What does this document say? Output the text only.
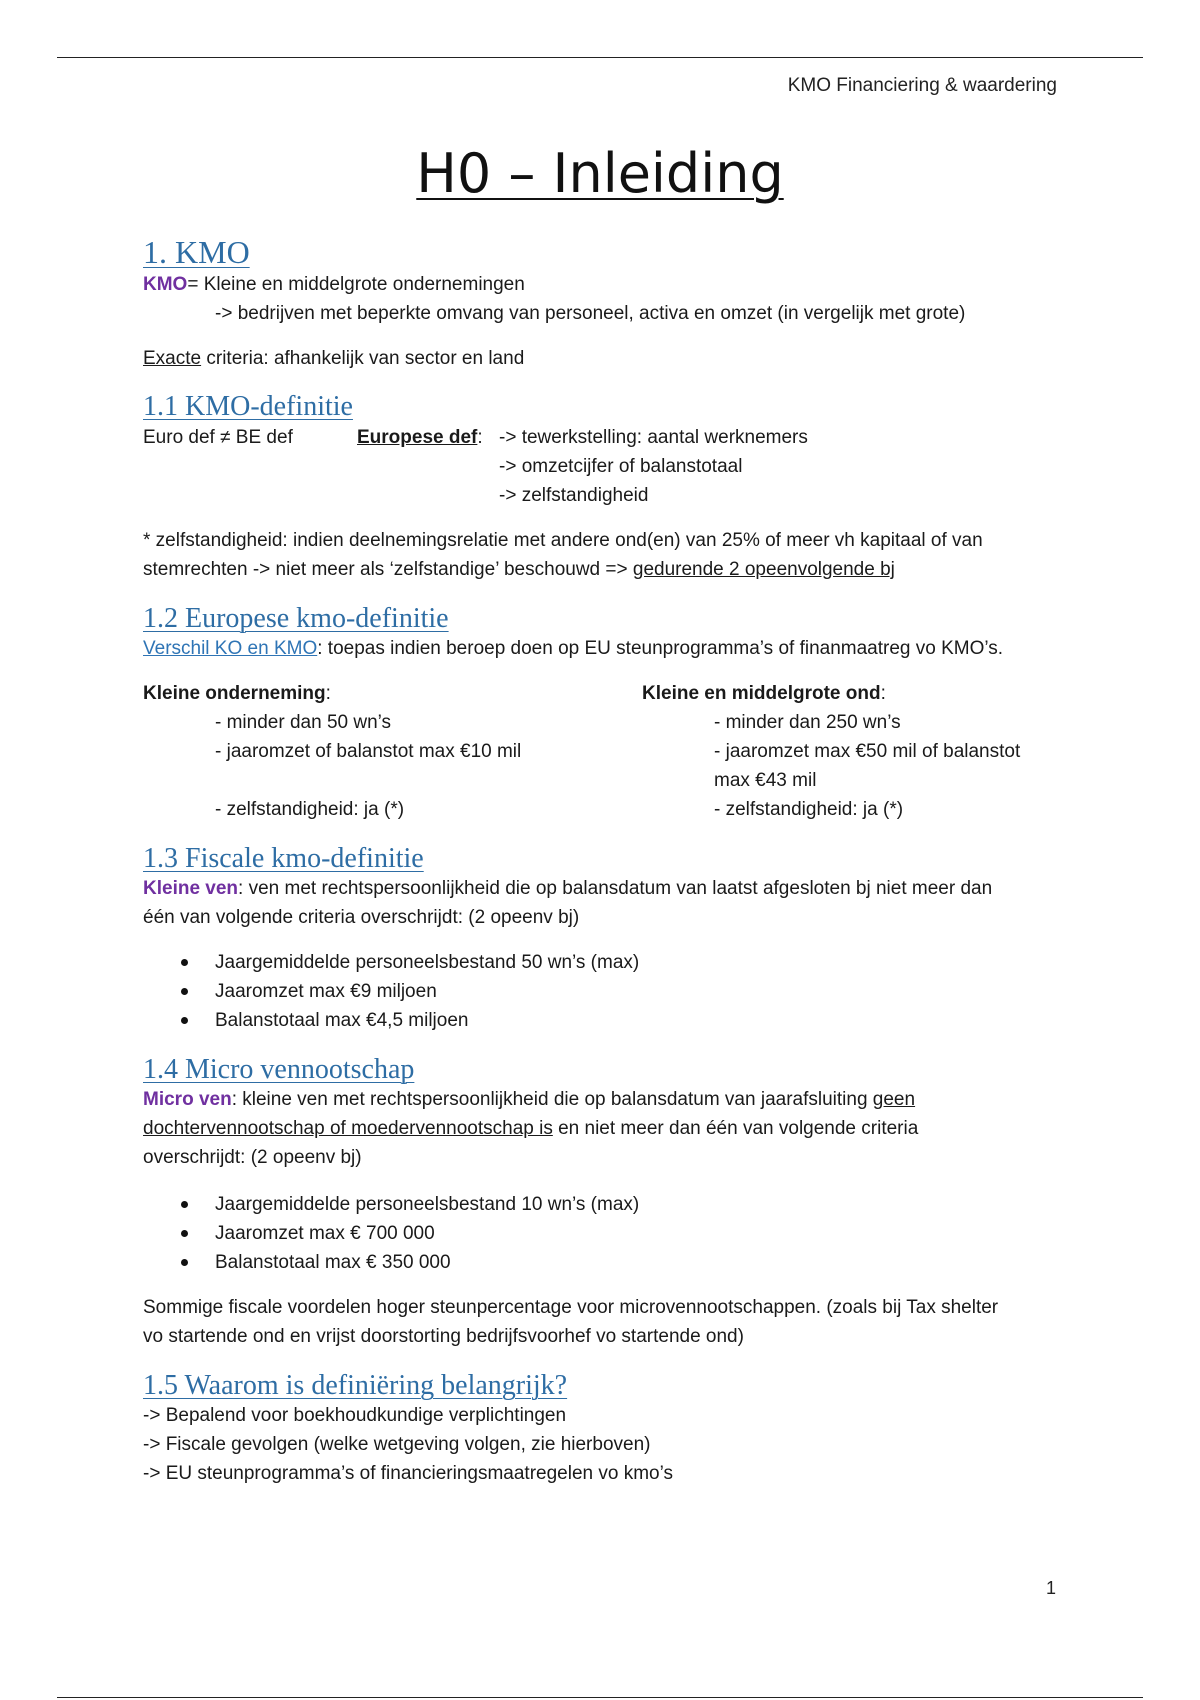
KMO Financiering & waardering
H0 – Inleiding
1. KMO
KMO= Kleine en middelgrote ondernemingen
-> bedrijven met beperkte omvang van personeel, activa en omzet (in vergelijk met grote)
Exacte criteria: afhankelijk van sector en land
1.1 KMO-definitie
Euro def ≠ BE def	Europese def: -> tewerkstelling: aantal werknemers
-> omzetcijfer of balanstotaal
-> zelfstandigheid
* zelfstandigheid: indien deelnemingsrelatie met andere ond(en) van 25% of meer vh kapitaal of van
stemrechten -> niet meer als ‘zelfstandige’ beschouwd => gedurende 2 opeenvolgende bj
1.2 Europese kmo-definitie
Verschil KO en KMO: toepas indien beroep doen op EU steunprogramma’s of finanmaatreg vo KMO’s.
Kleine onderneming:
- minder dan 50 wn’s
- jaaromzet of balanstot max €10 mil
- zelfstandigheid: ja (*)
Kleine en middelgrote ond:
- minder dan 250 wn’s
- jaaromzet max €50 mil of balanstot
max €43 mil
- zelfstandigheid: ja (*)
1.3 Fiscale kmo-definitie
Kleine ven: ven met rechtspersoonlijkheid die op balansdatum van laatst afgesloten bj niet meer dan
één van volgende criteria overschrijdt: (2 opeenv bj)
Jaargemiddelde personeelsbestand 50 wn’s (max)
Jaaromzet max €9 miljoen
Balanstotaal max €4,5 miljoen
1.4 Micro vennootschap
Micro ven: kleine ven met rechtspersoonlijkheid die op balansdatum van jaarafsluiting geen
dochtervennootschap of moedervennootschap is en niet meer dan één van volgende criteria
overschrijdt: (2 opeenv bj)
Jaargemiddelde personeelsbestand 10 wn’s (max)
Jaaromzet max € 700 000
Balanstotaal max € 350 000
Sommige fiscale voordelen hoger steunpercentage voor microvennootschappen. (zoals bij Tax shelter
vo startende ond en vrijst doorstorting bedrijfsvoorhef vo startende ond)
1.5 Waarom is definiëring belangrijk?
-> Bepalend voor boekhoudkundige verplichtingen
-> Fiscale gevolgen (welke wetgeving volgen, zie hierboven)
-> EU steunprogramma’s of financieringsmaatregelen vo kmo’s
1
